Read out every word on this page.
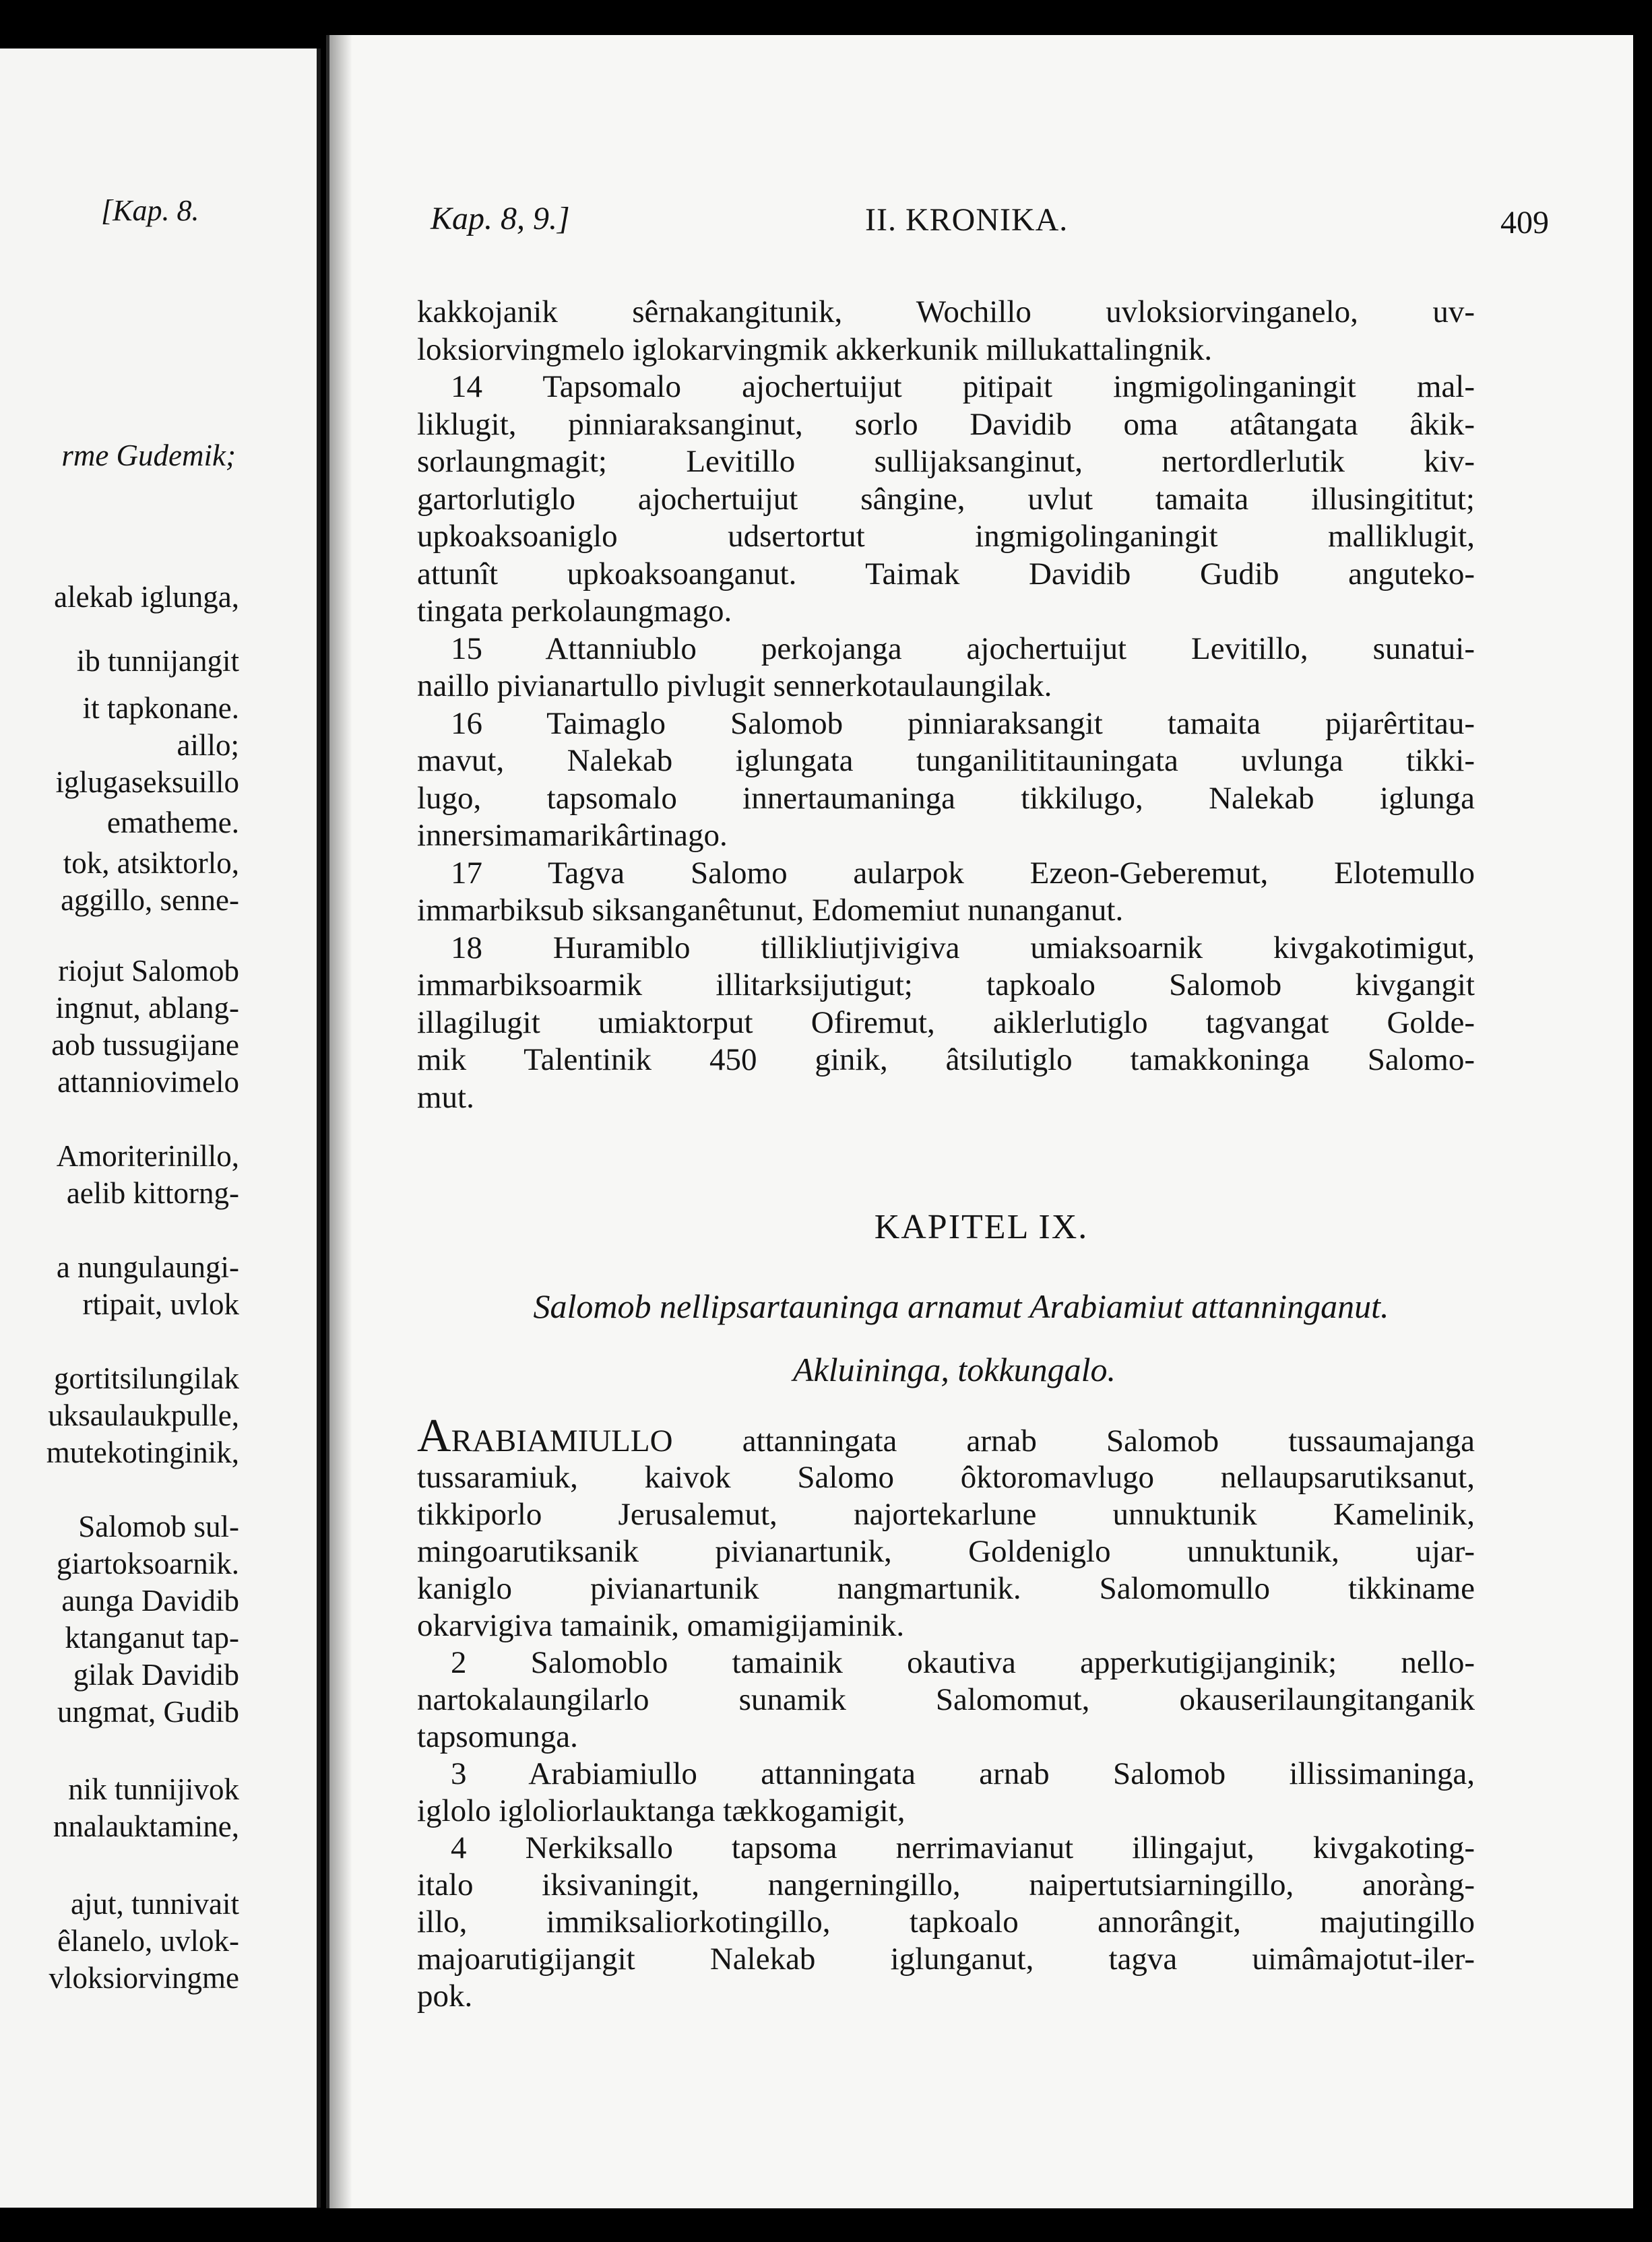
[Kap. 8.
rme Gudemik;
alekab iglunga,
ib tunnijangit
it tapkonane.
aillo;
iglugaseksuillo
ematheme.
tok, atsiktorlo,
aggillo, senne-
riojut Salomob
ingnut, ablang-
aob tussugijane
attanniovimelo
Amoriterinillo,
aelib kittorng-
a nungulaungi-
rtipait, uvlok
gortitsilungilak
uksaulaukpulle,
mutekotinginik,
Salomob sul-
giartoksoarnik.
aunga Davidib
ktanganut tap-
gilak Davidib
ungmat, Gudib
nik tunnijivok
nnalauktamine,
ajut, tunnivait
êlanelo, uvlok-
vloksiorvingme
Kap. 8, 9.]	II. KRONIKA.	409
kakkojanik sêrnakangitunik, Wochillo uvloksiorvinganelo, uv-
loksiorvingmelo iglokarvingmik akkerkunik millukattalingnik.
14 Tapsomalo ajochertuijut pitipait ingmigolinganingit mal-
liklugit, pinniaraksanginut, sorlo Davidib oma atâtangata âkik-
sorlaungmagit; Levitillo sullijaksanginut, nertordlerlutik kiv-
gartorlutiglo ajochertuijut sângine, uvlut tamaita illusingititut;
upkoaksoaniglo udsertortut ingmigolinganingit malliklugit,
attunît upkoaksoanganut. Taimak Davidib Gudib anguteko-
tingata perkolaungmago.
15 Attanniublo perkojanga ajochertuijut Levitillo, sunatui-
naillo pivianartullo pivlugit sennerkotaulaungilak.
16 Taimaglo Salomob pinniaraksangit tamaita pijarêrtitau-
mavut, Nalekab iglungata tunganilititauningata uvlunga tikki-
lugo, tapsomalo innertaumaninga tikkilugo, Nalekab iglunga
innersimamarikârtinago.
17 Tagva Salomo aularpok Ezeon-Geberemut, Elotemullo
immarbiksub siksanganêtunut, Edomemiut nunanganut.
18 Huramiblo tillikliutjivigiva umiaksoarnik kivgakotimigut,
immarbiksoarmik illitarksijutigut; tapkoalo Salomob kivgangit
illagilugit umiaktorput Ofiremut, aiklerlutiglo tagvangat Golde-
mik Talentinik 450 ginik, âtsilutiglo tamakkoninga Salomo-
mut.
KAPITEL IX.
Salomob nellipsartauninga arnamut Arabiamiut attanninganut.
Akluininga, tokkungalo.
ARABIAMIULLO attanningata arnab Salomob tussaumajanga
tussaramiuk, kaivok Salomo ôktoromavlugo nellaupsarutiksanut,
tikkiporlo Jerusalemut, najortekarlune unnuktunik Kamelinik,
mingoarutiksanik pivianartunik, Goldeniglo unnuktunik, ujar-
kaniglo pivianartunik nangmartunik. Salomomullo tikkiname
okarvigiva tamainik, omamigijaminik.
2 Salomoblo tamainik okautiva apperkutigijanginik; nello-
nartokalaungilarlo sunamik Salomomut, okauserilaungitanganik
tapsomunga.
3 Arabiamiullo attanningata arnab Salomob illissimaninga,
iglolo igloliorlauktanga tækkogamigit,
4 Nerkiksallo tapsoma nerrimavianut illingajut, kivgakoting-
italo iksivaningit, nangerningillo, naipertutsiarningillo, anoràng-
illo, immiksaliorkotingillo, tapkoalo annorângit, majutingillo
majoarutigijangit Nalekab iglunganut, tagva uimâmajotut-iler-
pok.
